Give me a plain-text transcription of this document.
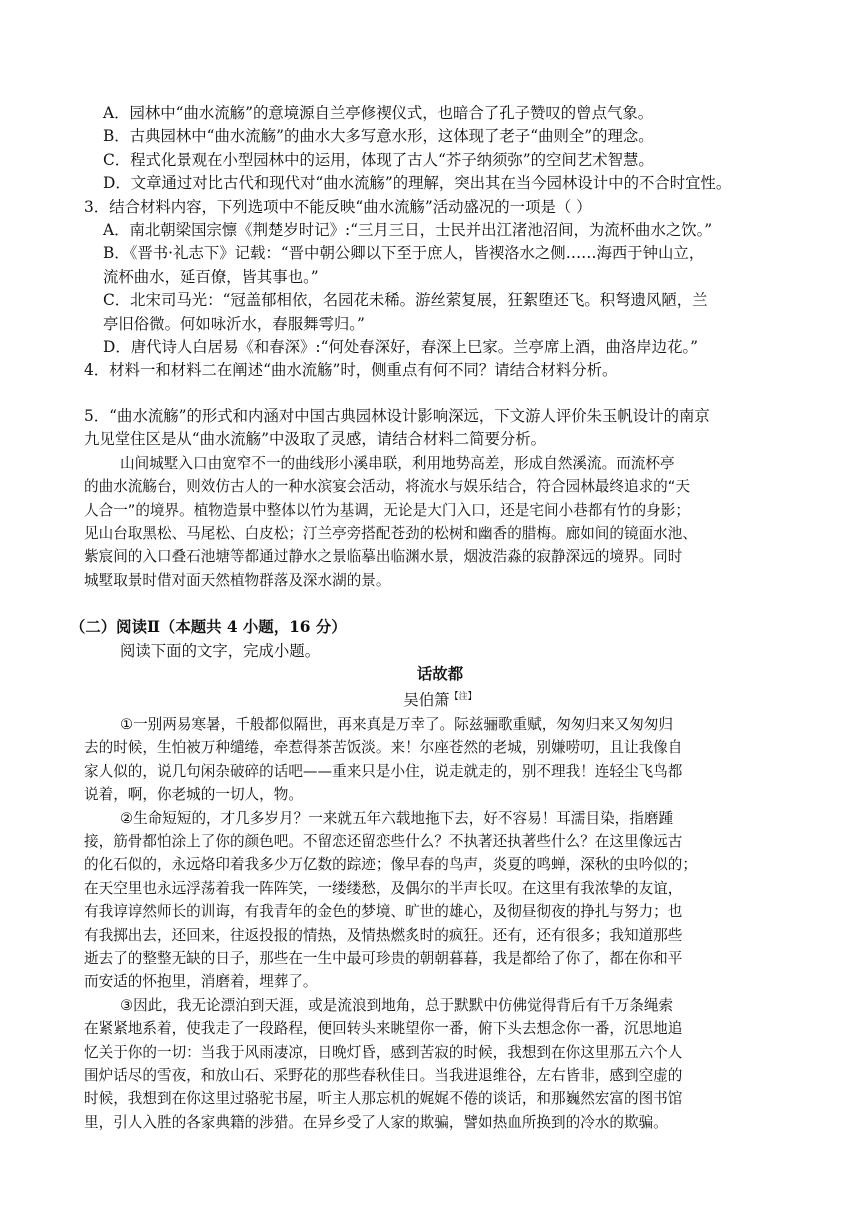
A．园林中“曲水流觞”的意境源自兰亭修禊仪式，也暗合了孔子赞叹的曾点气象。
B．古典园林中“曲水流觞”的曲水大多写意水形，这体现了老子“曲则全”的理念。
C．程式化景观在小型园林中的运用，体现了古人“芥子纳须弥”的空间艺术智慧。
D．文章通过对比古代和现代对“曲水流觞”的理解，突出其在当今园林设计中的不合时宜性。
3．结合材料内容，下列选项中不能反映“曲水流觞”活动盛况的一项是（ ）
A．南北朝梁国宗懔《荆楚岁时记》:“三月三日，士民并出江渚池沼间，为流杯曲水之饮。”
B．《晋书·礼志下》记载：“晋中朝公卿以下至于庶人，皆禊洛水之侧……海西于钟山立，
流杯曲水，延百僚，皆其事也。”
C．北宋司马光：“冠盖郁相依，名园花未稀。游丝萦复展，狂絮堕还飞。积弩遗风陋，兰
亭旧俗微。何如咏沂水，春服舞雩归。”
D．唐代诗人白居易《和春深》:“何处春深好，春深上巳家。兰亭席上酒，曲洛岸边花。”
4．材料一和材料二在阐述“曲水流觞”时，侧重点有何不同？请结合材料分析。
5．“曲水流觞”的形式和内涵对中国古典园林设计影响深远，下文游人评价朱玉帆设计的南京
九见堂住区是从“曲水流觞”中汲取了灵感，请结合材料二简要分析。
山间城墅入口由宽窄不一的曲线形小溪串联，利用地势高差，形成自然溪流。而流杯亭
的曲水流觞台，则效仿古人的一种水滨宴会活动，将流水与娱乐结合，符合园林最终追求的“天
人合一”的境界。植物造景中整体以竹为基调，无论是大门入口，还是宅间小巷都有竹的身影；
见山台取黑松、马尾松、白皮松；汀兰亭旁搭配苍劲的松树和幽香的腊梅。廊如间的镜面水池、
紫宸间的入口叠石池塘等都通过静水之景临摹出临渊水景，烟波浩淼的寂静深远的境界。同时
城墅取景时借对面天然植物群落及深水湖的景。
（二）阅读Ⅱ（本题共 4 小题，16 分）
阅读下面的文字，完成小题。
话故都
吴伯箫$^{【注】}$
①一别两易寒暑，千般都似隔世，再来真是万幸了。际兹骊歌重赋，匆匆归来又匆匆归
去的时候，生怕被万种缱绻，牵惹得茶苦饭淡。来！尔座苍然的老城，别嫌唠叨，且让我像自
家人似的，说几句闲杂破碎的话吧——重来只是小住，说走就走的，别不理我！连轻尘飞鸟都
说着，啊，你老城的一切人，物。
②生命短短的，才几多岁月？一来就五年六载地拖下去，好不容易！耳濡目染，指磨踵
接，筋骨都怕涂上了你的颜色吧。不留恋还留恋些什么？不执著还执著些什么？在这里像远古
的化石似的，永远烙印着我多少万亿数的踪迹；像早春的鸟声，炎夏的鸣蝉，深秋的虫吟似的；
在天空里也永远浮荡着我一阵阵笑，一缕缕愁，及偶尔的半声长叹。在这里有我浓挚的友谊，
有我谆谆然师长的训诲，有我青年的金色的梦境、旷世的雄心，及彻昼彻夜的挣扎与努力；也
有我掷出去，还回来，往返投报的情热，及情热燃炙时的疯狂。还有，还有很多；我知道那些
逝去了的整整无缺的日子，那些在一生中最可珍贵的朝朝暮暮，我是都给了你了，都在你和平
而安适的怀抱里，消磨着，埋葬了。
③因此，我无论漂泊到天涯，或是流浪到地角，总于默默中仿佛觉得背后有千万条绳索
在紧紧地系着，使我走了一段路程，便回转头来眺望你一番，俯下头去想念你一番，沉思地追
忆关于你的一切：当我于风雨凄凉，日晚灯昏，感到苦寂的时候，我想到在你这里那五六个人
围炉话尽的雪夜，和放山石、采野花的那些春秋佳日。当我进退维谷，左右皆非，感到空虚的
时候，我想到在你这里过骆驼书屋，听主人那忘机的娓娓不倦的谈话，和那巍然宏富的图书馆
里，引人入胜的各家典籍的涉猎。在异乡受了人家的欺骗，譬如热血所换到的冷水的欺骗。
